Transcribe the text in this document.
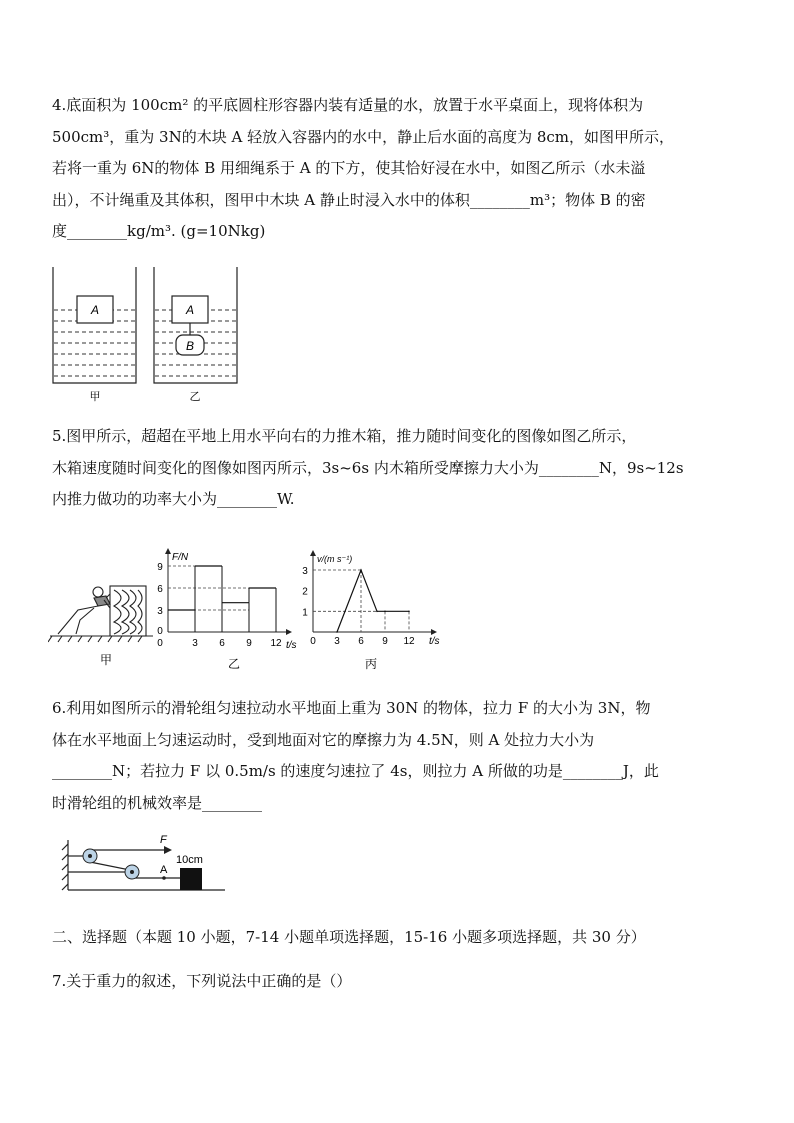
4.底面积为 100cm² 的平底圆柱形容器内装有适量的水，放置于水平桌面上，现将体积为

500cm³，重为 3N的木块 A 轻放入容器内的水中，静止后水面的高度为 8cm，如图甲所示，

若将一重为 6N的物体 B 用细绳系于 A 的下方，使其恰好浸在水中，如图乙所示（水未溢

出），不计绳重及其体积，图甲中木块 A 静止时浸入水中的体积________m³；物体 B 的密

度________kg/m³. (g=10Nkg)

A	A
B
甲	乙

5.图甲所示，超超在平地上用水平向右的力推木箱，推力随时间变化的图像如图乙所示，

木箱速度随时间变化的图像如图丙所示，3s~6s 内木箱所受摩擦力大小为________N，9s~12s

内推力做功的功率大小为________W.

甲
F/N
t/s
0	3 6 9 12
0
3
6
9
乙
v/(m s⁻¹)
t/s
0 3 6 9 12
1
2
3
丙

6.利用如图所示的滑轮组匀速拉动水平地面上重为 30N 的物体，拉力 F 的大小为 3N，物

体在水平地面上匀速运动时，受到地面对它的摩擦力为 4.5N，则 A 处拉力大小为

________N；若拉力 F 以 0.5m/s 的速度匀速拉了 4s，则拉力 A 所做的功是________J，此

时滑轮组的机械效率是________

F
A
10cm

二、选择题（本题 10 小题，7-14 小题单项选择题，15-16 小题多项选择题，共 30 分）

7.关于重力的叙述，下列说法中正确的是（）
